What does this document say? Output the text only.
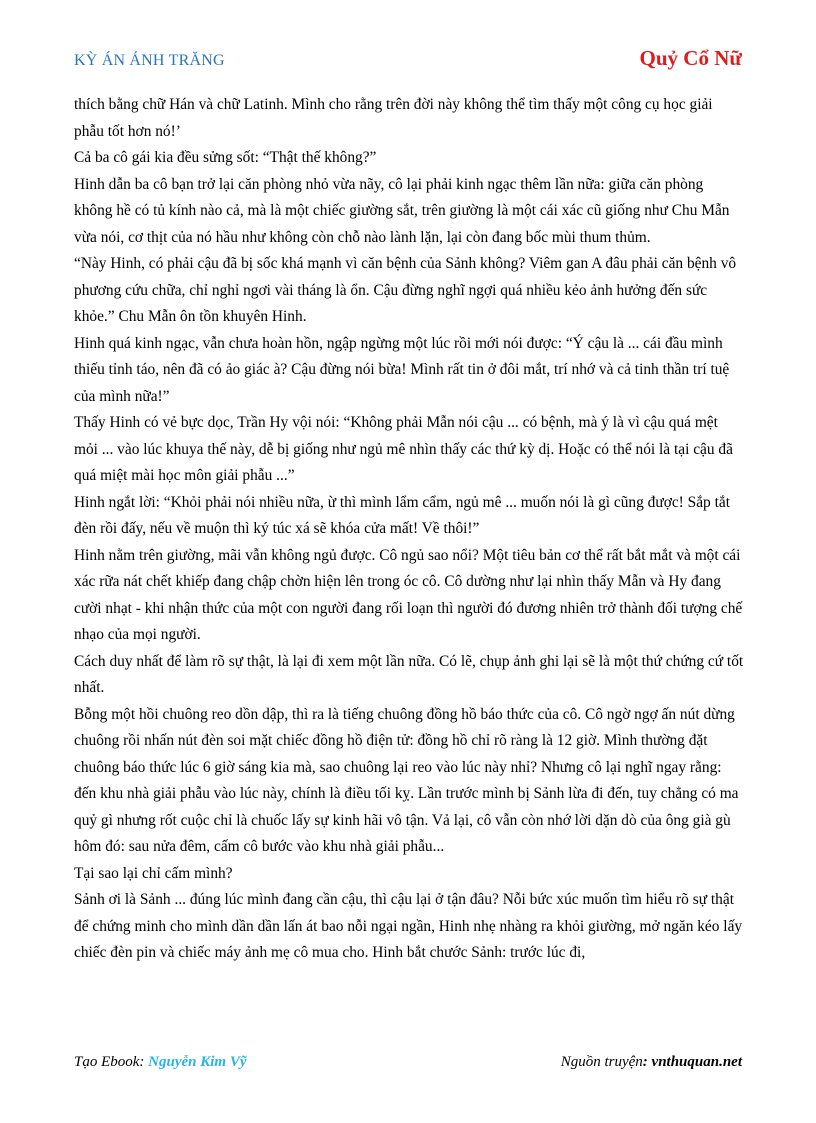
KỲ ÁN ÁNH TRĂNG	Quỷ Cổ Nữ

thích bằng chữ Hán và chữ Latinh. Mình cho rằng trên đời này không thể tìm thấy một công cụ học giải phẫu tốt hơn nó!’

Cả ba cô gái kia đều sửng sốt: “Thật thế không?”

Hinh dẫn ba cô bạn trở lại căn phòng nhỏ vừa nãy, cô lại phải kinh ngạc thêm lần nữa: giữa căn phòng không hề có tủ kính nào cả, mà là một chiếc giường sắt, trên giường là một cái xác cũ giống như Chu Mẫn vừa nói, cơ thịt của nó hầu như không còn chỗ nào lành lặn, lại còn đang bốc mùi thum thủm.

“Này Hinh, có phải cậu đã bị sốc khá mạnh vì căn bệnh của Sảnh không? Viêm gan A đâu phải căn bệnh vô phương cứu chữa, chỉ nghỉ ngơi vài tháng là ổn. Cậu đừng nghĩ ngợi quá nhiều kẻo ảnh hưởng đến sức khỏe.” Chu Mẫn ôn tồn khuyên Hinh.

Hinh quá kinh ngạc, vẫn chưa hoàn hồn, ngập ngừng một lúc rồi mới nói được: “Ý cậu là ... cái đầu mình thiếu tỉnh táo, nên đã có ảo giác à? Cậu đừng nói bừa! Mình rất tin ở đôi mắt, trí nhớ và cả tinh thần trí tuệ của mình nữa!”

Thấy Hinh có vẻ bực dọc, Trần Hy vội nói: “Không phải Mẫn nói cậu ... có bệnh, mà ý là vì cậu quá mệt mỏi ... vào lúc khuya thế này, dễ bị giống như ngủ mê nhìn thấy các thứ kỳ dị. Hoặc có thể nói là tại cậu đã quá miệt mài học môn giải phẫu ...”

Hinh ngắt lời: “Khỏi phải nói nhiều nữa, ừ thì mình lẩm cẩm, ngủ mê ... muốn nói là gì cũng được! Sắp tắt đèn rồi đấy, nếu về muộn thì ký túc xá sẽ khóa cửa mất! Về thôi!”

Hinh nằm trên giường, mãi vẫn không ngủ được. Cô ngủ sao nổi? Một tiêu bản cơ thể rất bắt mắt và một cái xác rữa nát chết khiếp đang chập chờn hiện lên trong óc cô. Cô dường như lại nhìn thấy Mẫn và Hy đang cười nhạt - khi nhận thức của một con người đang rối loạn thì người đó đương nhiên trở thành đối tượng chế nhạo của mọi người.

Cách duy nhất để làm rõ sự thật, là lại đi xem một lần nữa. Có lẽ, chụp ảnh ghi lại sẽ là một thứ chứng cứ tốt nhất.

Bỗng một hồi chuông reo dồn dập, thì ra là tiếng chuông đồng hồ báo thức của cô. Cô ngờ ngợ ấn nút dừng chuông rồi nhấn nút đèn soi mặt chiếc đồng hồ điện tử: đồng hồ chỉ rõ ràng là 12 giờ. Mình thường đặt chuông báo thức lúc 6 giờ sáng kia mà, sao chuông lại reo vào lúc này nhỉ? Nhưng cô lại nghĩ ngay rằng: đến khu nhà giải phẫu vào lúc này, chính là điều tối kỵ. Lần trước mình bị Sảnh lừa đi đến, tuy chẳng có ma quỷ gì nhưng rốt cuộc chỉ là chuốc lấy sự kinh hãi vô tận. Vả lại, cô vẫn còn nhớ lời dặn dò của ông già gù hôm đó: sau nửa đêm, cấm cô bước vào khu nhà giải phẫu...

Tại sao lại chỉ cấm mình?

Sảnh ơi là Sảnh ... đúng lúc mình đang cần cậu, thì cậu lại ở tận đâu? Nỗi bức xúc muốn tìm hiểu rõ sự thật để chứng minh cho mình dần dần lấn át bao nỗi ngại ngần, Hinh nhẹ nhàng ra khỏi giường, mở ngăn kéo lấy chiếc đèn pin và chiếc máy ảnh mẹ cô mua cho. Hinh bắt chước Sảnh: trước lúc đi,

Tạo Ebook: Nguyễn Kim Vỹ	Nguồn truyện: vnthuquan.net
